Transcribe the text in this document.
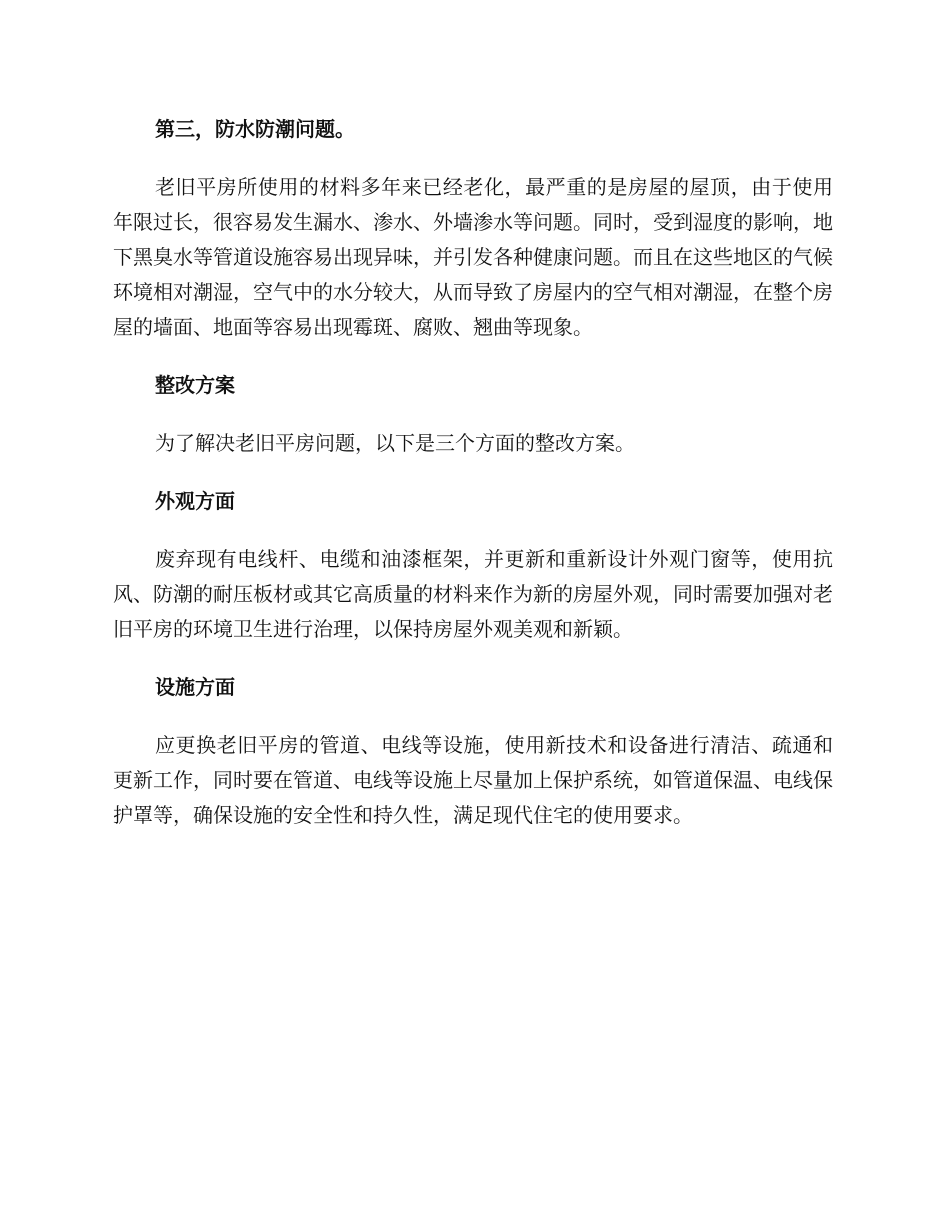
第三，防水防潮问题。

老旧平房所使用的材料多年来已经老化，最严重的是房屋的屋顶，由于使用年限过长，很容易发生漏水、渗水、外墙渗水等问题。同时，受到湿度的影响，地下黑臭水等管道设施容易出现异味，并引发各种健康问题。而且在这些地区的气候环境相对潮湿，空气中的水分较大，从而导致了房屋内的空气相对潮湿，在整个房屋的墙面、地面等容易出现霉斑、腐败、翘曲等现象。

整改方案

为了解决老旧平房问题，以下是三个方面的整改方案。

外观方面

废弃现有电线杆、电缆和油漆框架，并更新和重新设计外观门窗等，使用抗风、防潮的耐压板材或其它高质量的材料来作为新的房屋外观，同时需要加强对老旧平房的环境卫生进行治理，以保持房屋外观美观和新颖。

设施方面

应更换老旧平房的管道、电线等设施，使用新技术和设备进行清洁、疏通和更新工作，同时要在管道、电线等设施上尽量加上保护系统，如管道保温、电线保护罩等，确保设施的安全性和持久性，满足现代住宅的使用要求。
